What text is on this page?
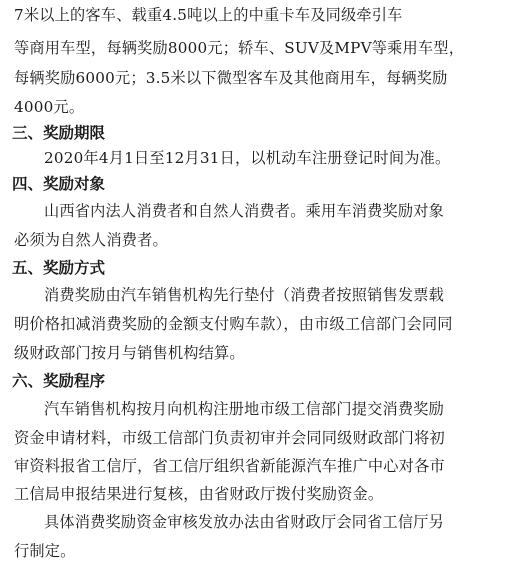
7米以上的客车、载重4.5吨以上的中重卡车及同级牵引车
等商用车型，每辆奖励8000元；轿车、SUV及MPV等乘用车型，
每辆奖励6000元；3.5米以下微型客车及其他商用车，每辆奖励
4000元。
三、奖励期限
2020年4月1日至12月31日，以机动车注册登记时间为准。
四、奖励对象
山西省内法人消费者和自然人消费者。乘用车消费奖励对象
必须为自然人消费者。
五、奖励方式
消费奖励由汽车销售机构先行垫付（消费者按照销售发票载
明价格扣减消费奖励的金额支付购车款），由市级工信部门会同同
级财政部门按月与销售机构结算。
六、奖励程序
汽车销售机构按月向机构注册地市级工信部门提交消费奖励
资金申请材料，市级工信部门负责初审并会同同级财政部门将初
审资料报省工信厅，省工信厅组织省新能源汽车推广中心对各市
工信局申报结果进行复核，由省财政厅拨付奖励资金。
具体消费奖励资金审核发放办法由省财政厅会同省工信厅另
行制定。
